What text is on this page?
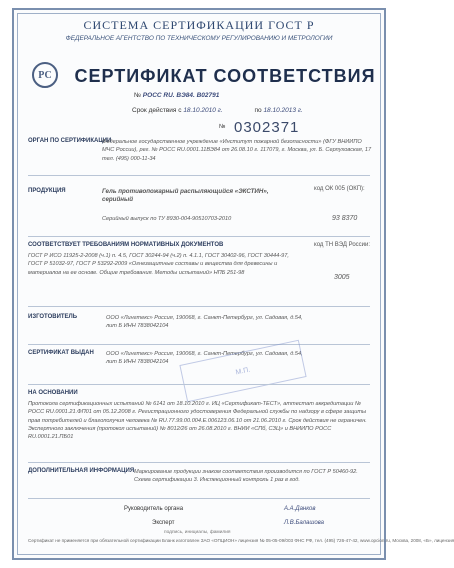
СИСТЕМА СЕРТИФИКАЦИИ ГОСТ Р
ФЕДЕРАЛЬНОЕ АГЕНТСТВО ПО ТЕХНИЧЕСКОМУ РЕГУЛИРОВАНИЮ И МЕТРОЛОГИИ
РС	СЕРТИФИКАТ СООТВЕТСТВИЯ
№ РОСС RU. ВЭ84. В02791
Срок действия с 18.10.2010 г.	по 18.10.2013 г.
№ 0302371
ОРГАН ПО СЕРТИФИКАЦИИ
Федеральное государственное учреждение «Институт пожарной безопасности» (ФГУ ВНИИПО МЧС России), рег. № РОСС RU.0001.11ВЭ84 от 26.08.10 г. 117079, г. Москва, ул. Б. Серпуховская, 17 тел. (495) 000-11-34
ПРОДУКЦИЯ	Гель противопожарный распыляющийся «ЭКСТИН», серийный
Серийный выпуск по ТУ 8930-004-90510703-2010
код ОК 005 (ОКП):
93 8370
СООТВЕТСТВУЕТ ТРЕБОВАНИЯМ НОРМАТИВНЫХ ДОКУМЕНТОВ
ГОСТ Р ИСО 11925-2-2008 (ч.1) п. 4.5, ГОСТ 30244-94 (ч.2) п. 4.1.1, ГОСТ 30402-96, ГОСТ 30444-97, ГОСТ Р 51032-97, ГОСТ Р 53292-2009 «Огнезащитные составы и вещества для древесины и материалов на ее основе. Общие требования. Методы испытаний» НПБ 251-98
код ТН ВЭД России:
3005
ИЗГОТОВИТЕЛЬ	ООО «Лингтекс» Россия, 190068, г. Санкт-Петербург, ул. Садовая, д.54, лит Б ИНН 7838042104
СЕРТИФИКАТ ВЫДАН ООО «Лингтекс» Россия, 190068, г. Санкт-Петербург, ул. Садовая, д.54, лит Б ИНН 7838042104
М.П.
НА ОСНОВАНИИ
Протокола сертификационных испытаний № 6141 от 18.10.2010 г. ИЦ «Сертификат-ТЕСТ», аттестат аккредитации № РОСС RU.0001.21.ФП01 от 05.12.2008 г. Регистрационного удостоверения Федеральной службы по надзору в сфере защиты прав потребителей и благополучия человека № RU.77.99.00.004.Е.006123.06.10 от 21.06.2010 г. Срок действия не ограничен. Экспертного заключения (протокол испытаний) № 8012/26 от 26.08.2010 г. ВНИИ «СПб, СЗЦ» и ВНИИПО РОСС RU.0001.21.ПБ01
ДОПОЛНИТЕЛЬНАЯ ИНФОРМАЦИЯ Маркирование продукции знаком соответствия производится по ГОСТ Р 50460-92. Схема сертификации 3. Инспекционный контроль 1 раз в год.
Руководитель органа	А.А.Данков
Эксперт	Л.В.Балашова
подпись, инициалы, фамилия
Сертификат не применяется при обязательной сертификации Бланк изготовлен ЗАО «ОПЦИОН» лицензия № 05-05-09/003 ФНС РФ, тел. (495) 726-47-42, www.opcion.ru, Москва, 2008, «Б», лицензия
